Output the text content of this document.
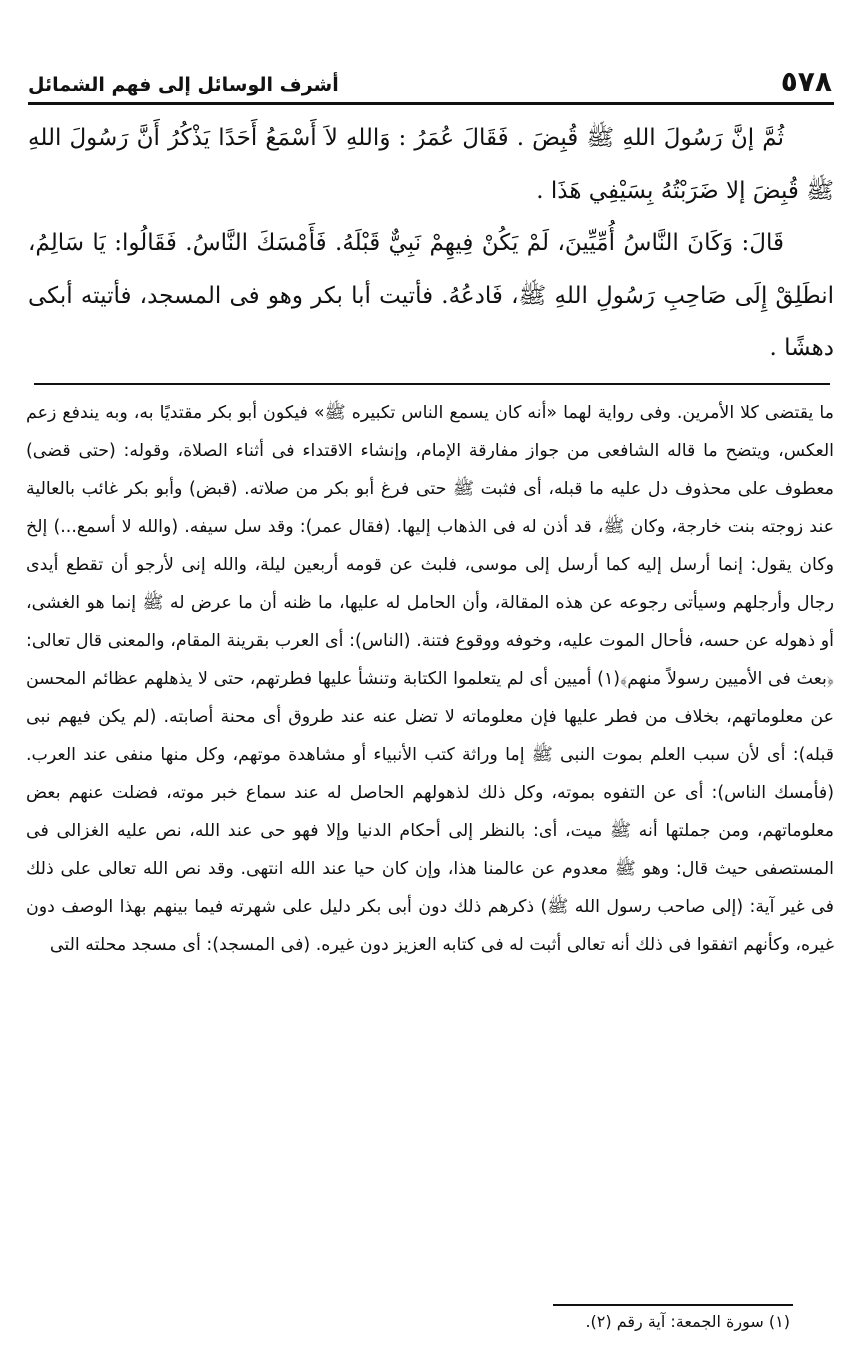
٥٧٨
أشرف الوسائل إلى فهم الشمائل

ثُمَّ إنَّ رَسُولَ اللهِ ﷺ قُبِضَ . فَقَالَ عُمَرُ : وَاللهِ لاَ أَسْمَعُ أَحَدًا يَذْكُرُ أَنَّ رَسُولَ اللهِ ﷺ قُبِضَ إلا ضَرَبْتُهُ بِسَيْفِي هَذَا .

قَالَ: وَكَانَ النَّاسُ أُمِّيِّينَ، لَمْ يَكُنْ فِيهِمْ نَبِيٌّ قَبْلَهُ. فَأَمْسَكَ النَّاسُ. فَقَالُوا: يَا سَالِمُ، انطَلِقْ إِلَى صَاحِبِ رَسُولِ اللهِ ﷺ، فَادعُهُ. فأتيت أبا بكر وهو فى المسجد، فأتيته أبكى دهشًا .

ما يقتضى كلا الأمرين. وفى رواية لهما «أنه كان يسمع الناس تكبيره ﷺ» فيكون أبو بكر مقتديًا به، وبه يندفع زعم العكس، ويتضح ما قاله الشافعى من جواز مفارقة الإمام، وإنشاء الاقتداء فى أثناء الصلاة، وقوله: (حتى قضى) معطوف على محذوف دل عليه ما قبله، أى فثبت ﷺ حتى فرغ أبو بكر من صلاته. (قبض) وأبو بكر غائب بالعالية عند زوجته بنت خارجة، وكان ﷺ، قد أذن له فى الذهاب إليها. (فقال عمر): وقد سل سيفه. (والله لا أسمع...) إلخ وكان يقول: إنما أرسل إليه كما أرسل إلى موسى، فلبث عن قومه أربعين ليلة، والله إنى لأرجو أن تقطع أيدى رجال وأرجلهم وسيأتى رجوعه عن هذه المقالة، وأن الحامل له عليها، ما ظنه أن ما عرض له ﷺ إنما هو الغشى، أو ذهوله عن حسه، فأحال الموت عليه، وخوفه ووقوع فتنة. (الناس): أى العرب بقرينة المقام، والمعنى قال تعالى: ﴿بعث فى الأميين رسولاً منهم﴾(١) أميين أى لم يتعلموا الكتابة وتنشأ عليها فطرتهم، حتى لا يذهلهم عظائم المحسن عن معلوماتهم، بخلاف من فطر عليها فإن معلوماته لا تضل عنه عند طروق أى محنة أصابته. (لم يكن فيهم نبى قبله): أى لأن سبب العلم بموت النبى ﷺ إما وراثة كتب الأنبياء أو مشاهدة موتهم، وكل منها منفى عند العرب. (فأمسك الناس): أى عن التفوه بموته، وكل ذلك لذهولهم الحاصل له عند سماع خبر موته، فضلت عنهم بعض معلوماتهم، ومن جملتها أنه ﷺ ميت، أى: بالنظر إلى أحكام الدنيا وإلا فهو حى عند الله، نص عليه الغزالى فى المستصفى حيث قال: وهو ﷺ معدوم عن عالمنا هذا، وإن كان حيا عند الله انتهى. وقد نص الله تعالى على ذلك فى غير آية: (إلى صاحب رسول الله ﷺ) ذكرهم ذلك دون أبى بكر دليل على شهرته فيما بينهم بهذا الوصف دون غيره، وكأنهم اتفقوا فى ذلك أنه تعالى أثبت له فى كتابه العزيز دون غيره. (فى المسجد): أى مسجد محلته التى

(١) سورة الجمعة: آية رقم (٢).
